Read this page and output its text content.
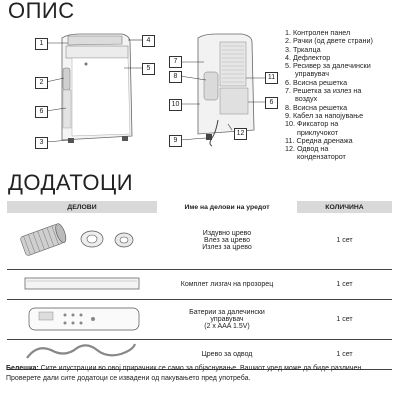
ОПИС
1
2
6
3
4
5
7
8
10
9
11
6
12
1. Контролен панел
2. Рачки (од двете страни)
3. Тркалца
4. Дефлектор
5. Ресивер за далечински
управувач
6. Всисна решетка
7. Решетка за излез на
воздух
8. Всисна решетка
9. Кабел за напојување
10. Фиксатор на
приклучокот
11. Средна дренажа
12. Одвод на
кондензаторот
ДОДАТОЦИ
ДЕЛОВИ	Име на делови на уредот	КОЛИЧИНА

Издувно црево
Влез за црево
Излез за црево	1 сет

Комплет лизгач на прозорец	1 сет

Батерии за далечински
управувач
(2 x AAA 1.5V)	1 сет

Црево за одвод	1 сет
Белешка: Сите илустрации во овој прирачник се само за објаснување. Вашиот уред може да биде различен. Проверете дали сите додатоци се извадени од пакувањето пред употреба.
